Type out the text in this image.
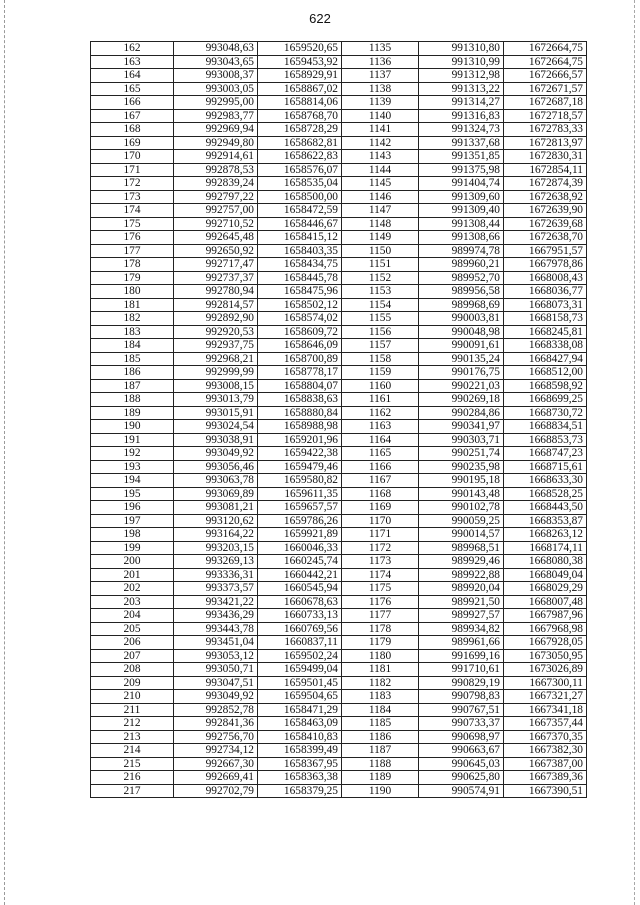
622
162	993048,63	1659520,65	1135	991310,80	1672664,75
163	993043,65	1659453,92	1136	991310,99	1672664,75
164	993008,37	1658929,91	1137	991312,98	1672666,57
165	993003,05	1658867,02	1138	991313,22	1672671,57
166	992995,00	1658814,06	1139	991314,27	1672687,18
167	992983,77	1658768,70	1140	991316,83	1672718,57
168	992969,94	1658728,29	1141	991324,73	1672783,33
169	992949,80	1658682,81	1142	991337,68	1672813,97
170	992914,61	1658622,83	1143	991351,85	1672830,31
171	992878,53	1658576,07	1144	991375,98	1672854,11
172	992839,24	1658535,04	1145	991404,74	1672874,39
173	992797,22	1658500,00	1146	991309,60	1672638,92
174	992757,00	1658472,59	1147	991309,40	1672639,90
175	992710,52	1658446,67	1148	991308,44	1672639,68
176	992645,48	1658415,12	1149	991308,66	1672638,70
177	992650,92	1658403,35	1150	989974,78	1667951,57
178	992717,47	1658434,75	1151	989960,21	1667978,86
179	992737,37	1658445,78	1152	989952,70	1668008,43
180	992780,94	1658475,96	1153	989956,58	1668036,77
181	992814,57	1658502,12	1154	989968,69	1668073,31
182	992892,90	1658574,02	1155	990003,81	1668158,73
183	992920,53	1658609,72	1156	990048,98	1668245,81
184	992937,75	1658646,09	1157	990091,61	1668338,08
185	992968,21	1658700,89	1158	990135,24	1668427,94
186	992999,99	1658778,17	1159	990176,75	1668512,00
187	993008,15	1658804,07	1160	990221,03	1668598,92
188	993013,79	1658838,63	1161	990269,18	1668699,25
189	993015,91	1658880,84	1162	990284,86	1668730,72
190	993024,54	1658988,98	1163	990341,97	1668834,51
191	993038,91	1659201,96	1164	990303,71	1668853,73
192	993049,92	1659422,38	1165	990251,74	1668747,23
193	993056,46	1659479,46	1166	990235,98	1668715,61
194	993063,78	1659580,82	1167	990195,18	1668633,30
195	993069,89	1659611,35	1168	990143,48	1668528,25
196	993081,21	1659657,57	1169	990102,78	1668443,50
197	993120,62	1659786,26	1170	990059,25	1668353,87
198	993164,22	1659921,89	1171	990014,57	1668263,12
199	993203,15	1660046,33	1172	989968,51	1668174,11
200	993269,13	1660245,74	1173	989929,46	1668080,38
201	993336,31	1660442,21	1174	989922,88	1668049,04
202	993373,57	1660545,94	1175	989920,04	1668029,29
203	993421,22	1660678,63	1176	989921,50	1668007,48
204	993436,29	1660733,13	1177	989927,57	1667987,96
205	993443,78	1660769,56	1178	989934,82	1667968,98
206	993451,04	1660837,11	1179	989961,66	1667928,05
207	993053,12	1659502,24	1180	991699,16	1673050,95
208	993050,71	1659499,04	1181	991710,61	1673026,89
209	993047,51	1659501,45	1182	990829,19	1667300,11
210	993049,92	1659504,65	1183	990798,83	1667321,27
211	992852,78	1658471,29	1184	990767,51	1667341,18
212	992841,36	1658463,09	1185	990733,37	1667357,44
213	992756,70	1658410,83	1186	990698,97	1667370,35
214	992734,12	1658399,49	1187	990663,67	1667382,30
215	992667,30	1658367,95	1188	990645,03	1667387,00
216	992669,41	1658363,38	1189	990625,80	1667389,36
217	992702,79	1658379,25	1190	990574,91	1667390,51
